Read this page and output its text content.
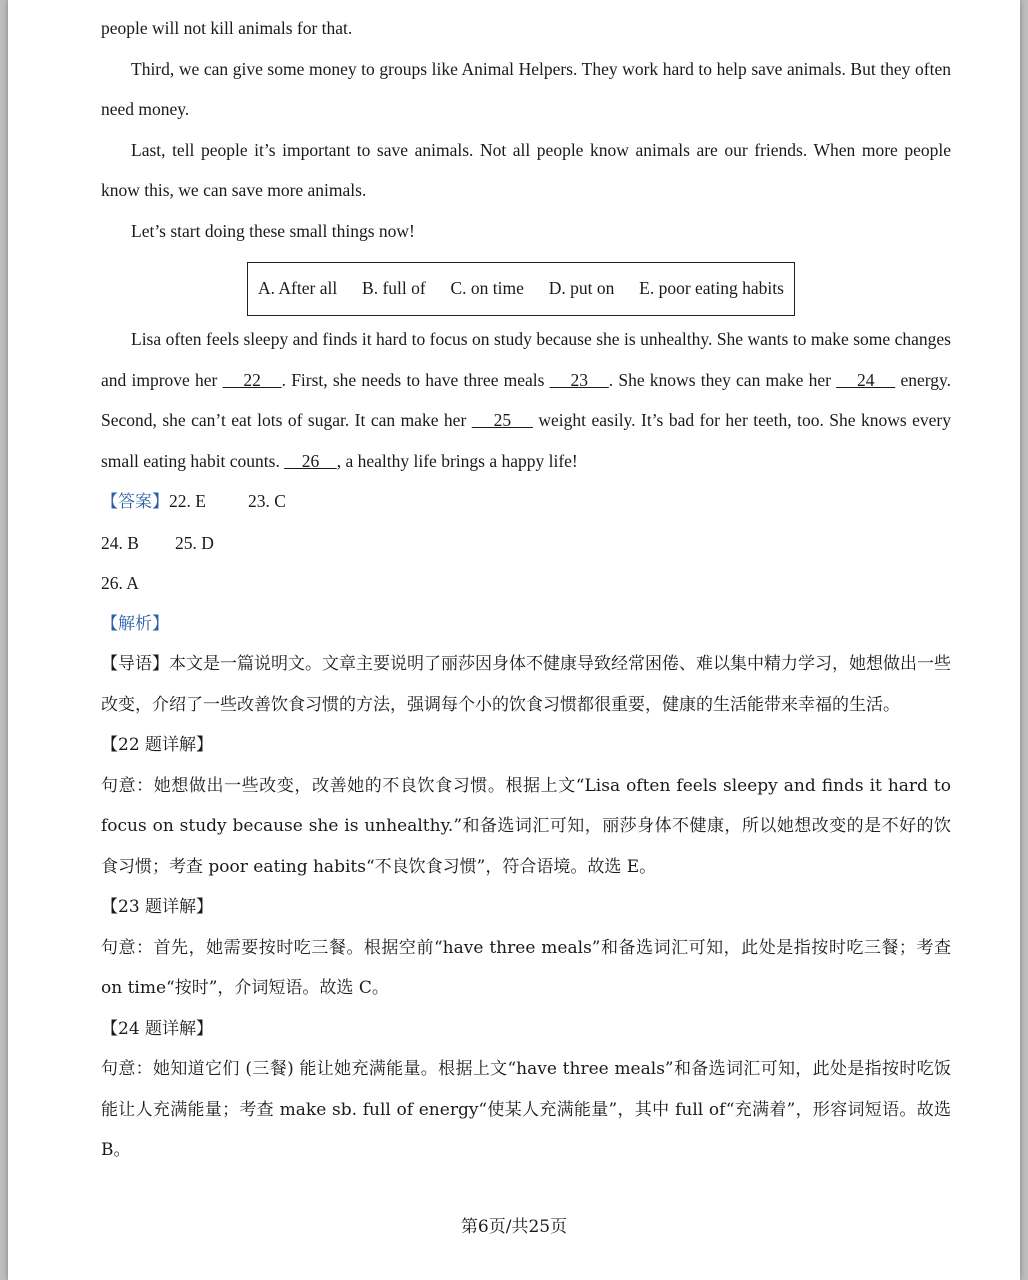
people will not kill animals for that.

Third, we can give some money to groups like Animal Helpers. They work hard to help save animals. But they often need money.

Last, tell people it’s important to save animals. Not all people know animals are our friends. When more people know this, we can save more animals.

Let’s start doing these small things now!

A. After all B. full of C. on time D. put on E. poor eating habits

Lisa often feels sleepy and finds it hard to focus on study because she is unhealthy. She wants to make some changes and improve her     22    . First, she needs to have three meals     23    . She knows they can make her     24     energy. Second, she can’t eat lots of sugar. It can make her     25     weight easily. It’s bad for her teeth, too. She knows every small eating habit counts.     26    , a healthy life brings a happy life!

【答案】22. E 23. C

24. B	25. D

26. A

【解析】

【导语】本文是一篇说明文。文章主要说明了丽莎因身体不健康导致经常困倦、难以集中精力学习，她想做出一些改变，介绍了一些改善饮食习惯的方法，强调每个小的饮食习惯都很重要，健康的生活能带来幸福的生活。

【22 题详解】

句意：她想做出一些改变，改善她的不良饮食习惯。根据上文“Lisa often feels sleepy and finds it hard to focus on study because she is unhealthy.”和备选词汇可知，丽莎身体不健康，所以她想改变的是不好的饮食习惯；考查 poor eating habits“不良饮食习惯”，符合语境。故选 E。

【23 题详解】

句意：首先，她需要按时吃三餐。根据空前“have three meals”和备选词汇可知，此处是指按时吃三餐；考查 on time“按时”，介词短语。故选 C。

【24 题详解】

句意：她知道它们 (三餐) 能让她充满能量。根据上文“have three meals”和备选词汇可知，此处是指按时吃饭能让人充满能量；考查 make sb. full of energy“使某人充满能量”，其中 full of“充满着”，形容词短语。故选 B。

第6页/共25页
